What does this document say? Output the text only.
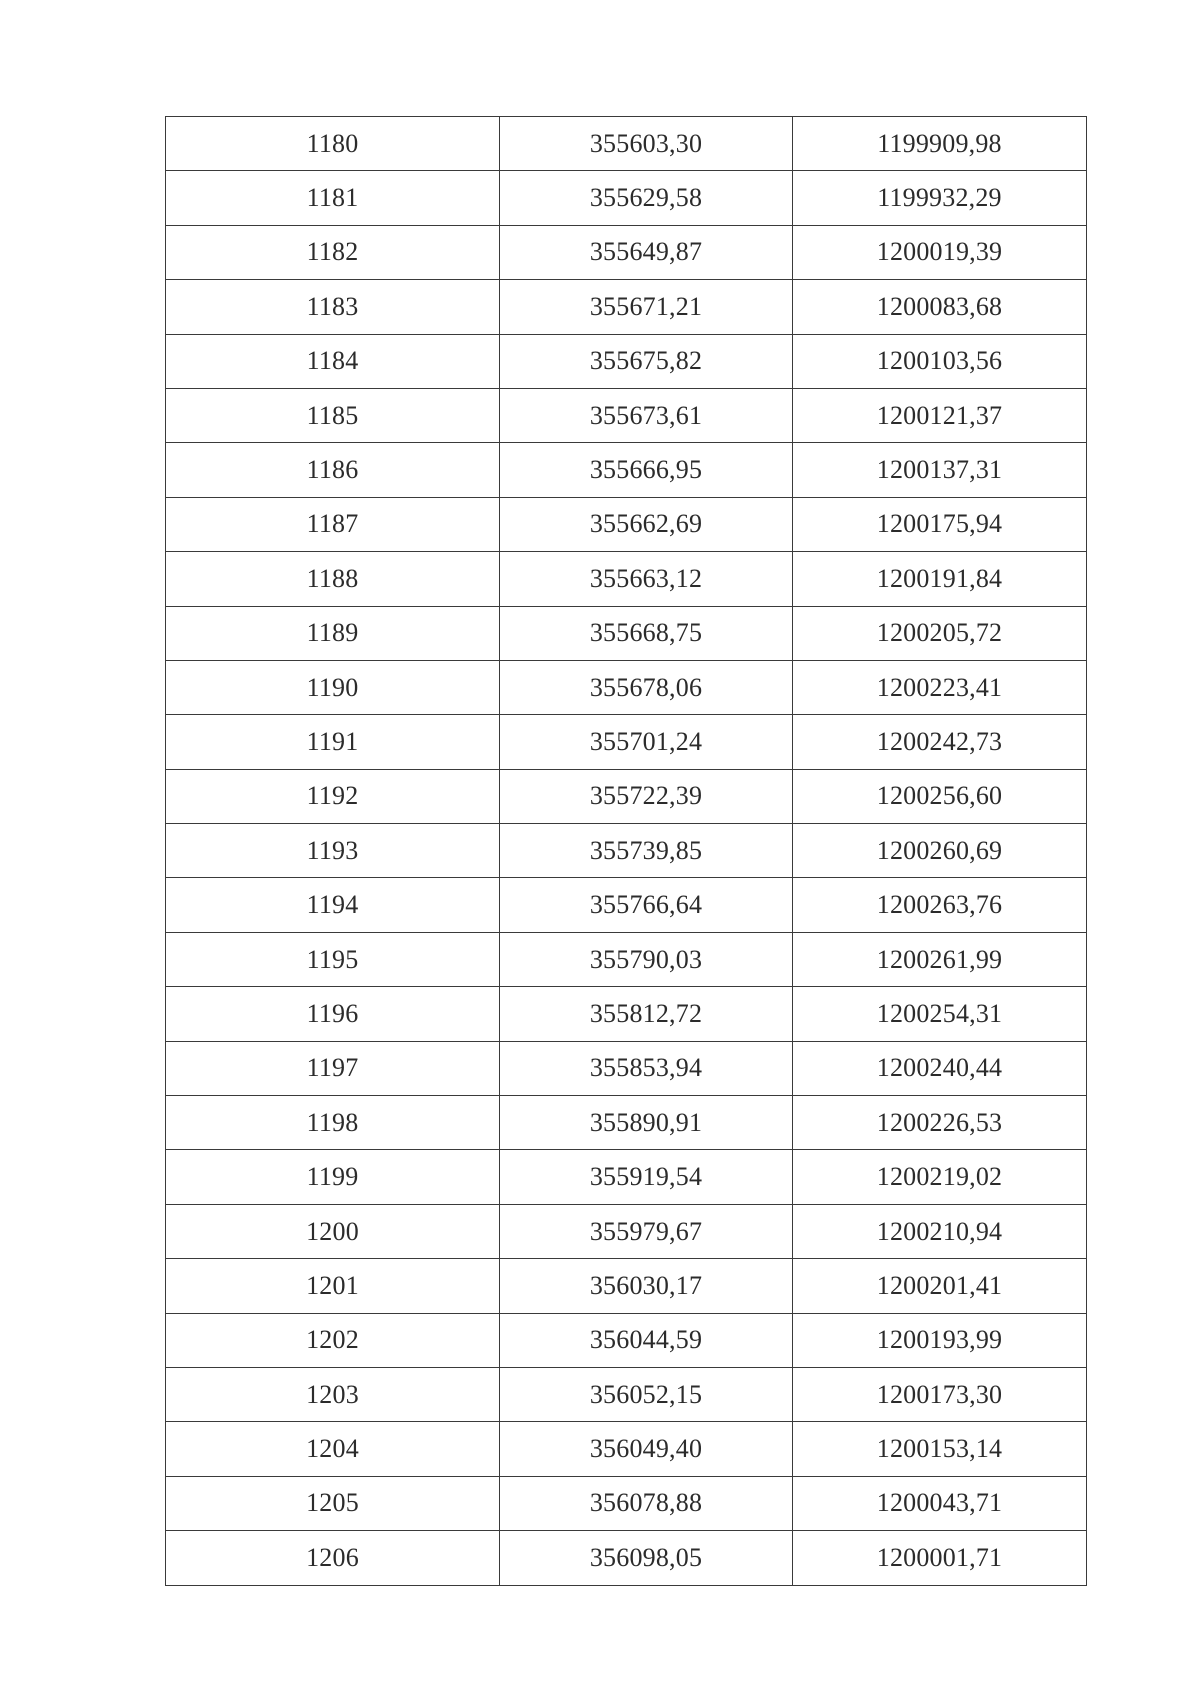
1180	355603,30	1199909,98
1181	355629,58	1199932,29
1182	355649,87	1200019,39
1183	355671,21	1200083,68
1184	355675,82	1200103,56
1185	355673,61	1200121,37
1186	355666,95	1200137,31
1187	355662,69	1200175,94
1188	355663,12	1200191,84
1189	355668,75	1200205,72
1190	355678,06	1200223,41
1191	355701,24	1200242,73
1192	355722,39	1200256,60
1193	355739,85	1200260,69
1194	355766,64	1200263,76
1195	355790,03	1200261,99
1196	355812,72	1200254,31
1197	355853,94	1200240,44
1198	355890,91	1200226,53
1199	355919,54	1200219,02
1200	355979,67	1200210,94
1201	356030,17	1200201,41
1202	356044,59	1200193,99
1203	356052,15	1200173,30
1204	356049,40	1200153,14
1205	356078,88	1200043,71
1206	356098,05	1200001,71
